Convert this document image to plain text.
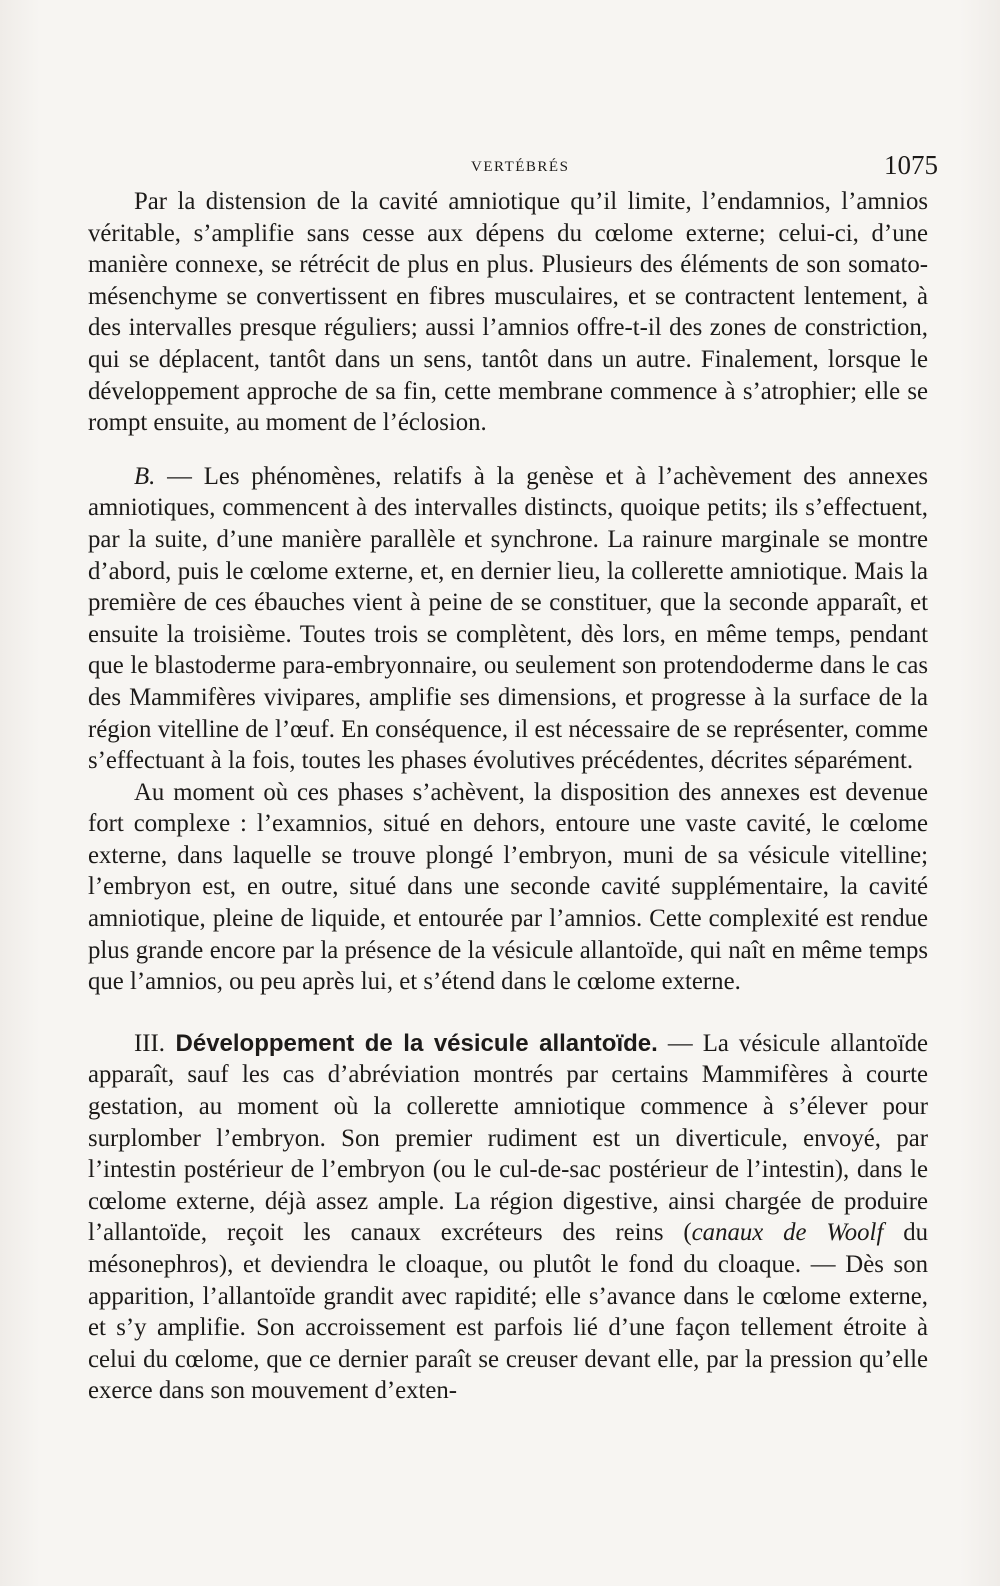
VERTÉBRÉS	1075

Par la distension de la cavité amniotique qu’il limite, l’endamnios, l’amnios véritable, s’amplifie sans cesse aux dépens du cœlome externe; celui-ci, d’une manière connexe, se rétrécit de plus en plus. Plusieurs des éléments de son somato-mésenchyme se convertissent en fibres musculaires, et se contractent lentement, à des intervalles presque réguliers; aussi l’amnios offre-t-il des zones de constriction, qui se déplacent, tantôt dans un sens, tantôt dans un autre. Finalement, lorsque le développement approche de sa fin, cette membrane commence à s’atrophier; elle se rompt ensuite, au moment de l’éclosion.

B. — Les phénomènes, relatifs à la genèse et à l’achèvement des annexes amniotiques, commencent à des intervalles distincts, quoique petits; ils s’effectuent, par la suite, d’une manière parallèle et synchrone. La rainure marginale se montre d’abord, puis le cœlome externe, et, en dernier lieu, la collerette amniotique. Mais la première de ces ébauches vient à peine de se constituer, que la seconde apparaît, et ensuite la troisième. Toutes trois se complètent, dès lors, en même temps, pendant que le blastoderme para-embryonnaire, ou seulement son protendoderme dans le cas des Mammifères vivipares, amplifie ses dimensions, et progresse à la surface de la région vitelline de l’œuf. En conséquence, il est nécessaire de se représenter, comme s’effectuant à la fois, toutes les phases évolutives précédentes, décrites séparément.

Au moment où ces phases s’achèvent, la disposition des annexes est devenue fort complexe : l’examnios, situé en dehors, entoure une vaste cavité, le cœlome externe, dans laquelle se trouve plongé l’embryon, muni de sa vésicule vitelline; l’embryon est, en outre, situé dans une seconde cavité supplémentaire, la cavité amniotique, pleine de liquide, et entourée par l’amnios. Cette complexité est rendue plus grande encore par la présence de la vésicule allantoïde, qui naît en même temps que l’amnios, ou peu après lui, et s’étend dans le cœlome externe.

III. Développement de la vésicule allantoïde. — La vésicule allantoïde apparaît, sauf les cas d’abréviation montrés par certains Mammifères à courte gestation, au moment où la collerette amniotique commence à s’élever pour surplomber l’embryon. Son premier rudiment est un diverticule, envoyé, par l’intestin postérieur de l’embryon (ou le cul-de-sac postérieur de l’intestin), dans le cœlome externe, déjà assez ample. La région digestive, ainsi chargée de produire l’allantoïde, reçoit les canaux excréteurs des reins (canaux de Woolf du mésonephros), et deviendra le cloaque, ou plutôt le fond du cloaque. — Dès son apparition, l’allantoïde grandit avec rapidité; elle s’avance dans le cœlome externe, et s’y amplifie. Son accroissement est parfois lié d’une façon tellement étroite à celui du cœlome, que ce dernier paraît se creuser devant elle, par la pression qu’elle exerce dans son mouvement d’exten-
